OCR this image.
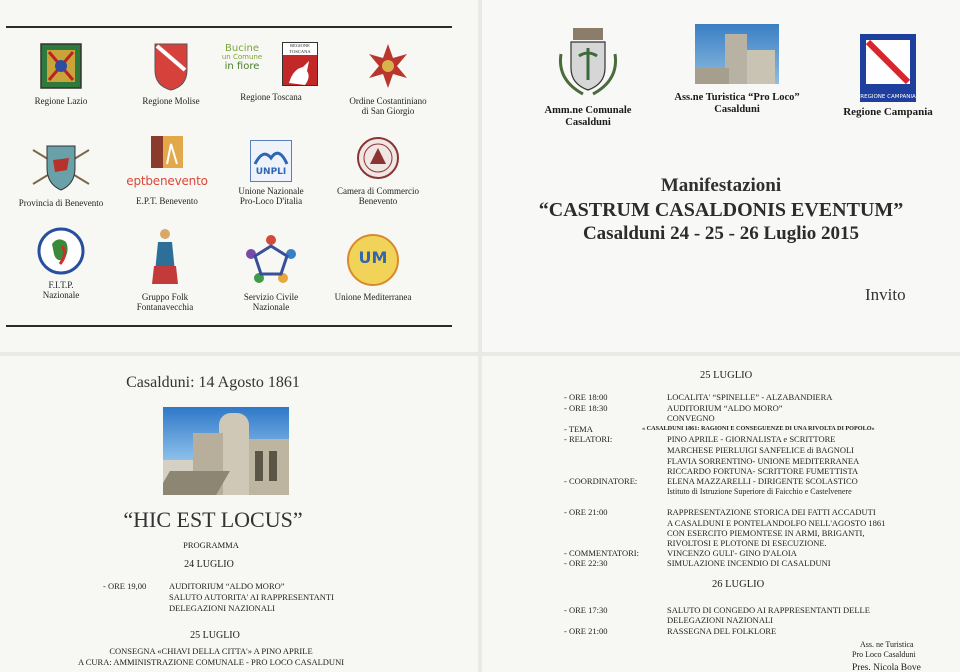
Regione Lazio	Regione Molise
Bucine
un Comune
in fiore
REGIONE TOSCANA
Regione Toscana	Ordine Costantiniano
di San Giorgio
Provincia di Benevento
eptbenevento
E.P.T. Benevento
UNPLI
Unione Nazionale
Pro-Loco D'italia
Camera di Commercio
Benevento
F.I.T.P.
Nazionale	Gruppo Folk
Fontanavecchia
Servizio Civile
Nazionale
UM
Unione Mediterranea
Amm.ne Comunale
Casalduni
Ass.ne Turistica “Pro Loco”
Casalduni
REGIONE CAMPANIA
Regione Campania
Manifestazioni
“CASTRUM CASALDONIS EVENTUM”
Casalduni 24 - 25 - 26 Luglio 2015
Invito
Casalduni: 14 Agosto 1861
“HIC EST LOCUS”
PROGRAMMA
24 LUGLIO
- ORE 19,00	AUDITORIUM “ALDO MORO”
SALUTO AUTORITA' AI RAPPRESENTANTI
DELEGAZIONI NAZIONALI
25 LUGLIO
CONSEGNA «CHIAVI DELLA CITTA'» A PINO APRILE
A CURA: AMMINISTRAZIONE COMUNALE - PRO LOCO CASALDUNI
25 LUGLIO
- ORE 18:00	LOCALITA' “SPINELLE” - ALZABANDIERA
- ORE 18:30	AUDITORIUM “ALDO MORO”
CONVEGNO
- TEMA	« CASALDUNI 1861: RAGIONI E CONSEGUENZE DI UNA RIVOLTA DI POPOLO»
- RELATORI:	PINO APRILE - GIORNALISTA e SCRITTORE
MARCHESE PIERLUIGI SANFELICE di BAGNOLI
FLAVIA SORRENTINO- UNIONE MEDITERRANEA
RICCARDO FORTUNA- SCRITTORE FUMETTISTA
- COORDINATORE:	ELENA MAZZARELLI - DIRIGENTE SCOLASTICO
Istituto di Istruzione Superiore di Faicchio e Castelvenere
- ORE 21:00	RAPPRESENTAZIONE STORICA DEI FATTI ACCADUTI
A CASALDUNI E PONTELANDOLFO NELL'AGOSTO 1861
CON ESERCITO PIEMONTESE IN ARMI, BRIGANTI,
RIVOLTOSI E PLOTONE DI ESECUZIONE.
- COMMENTATORI:	VINCENZO GULI'- GINO D'ALOIA
- ORE 22:30	SIMULAZIONE INCENDIO DI CASALDUNI
26 LUGLIO
- ORE 17:30	SALUTO DI CONGEDO AI RAPPRESENTANTI DELLE
DELEGAZIONI NAZIONALI
- ORE 21:00	RASSEGNA DEL FOLKLORE
Ass. ne Turistica
Pro Loco Casalduni
Pres. Nicola Bove
